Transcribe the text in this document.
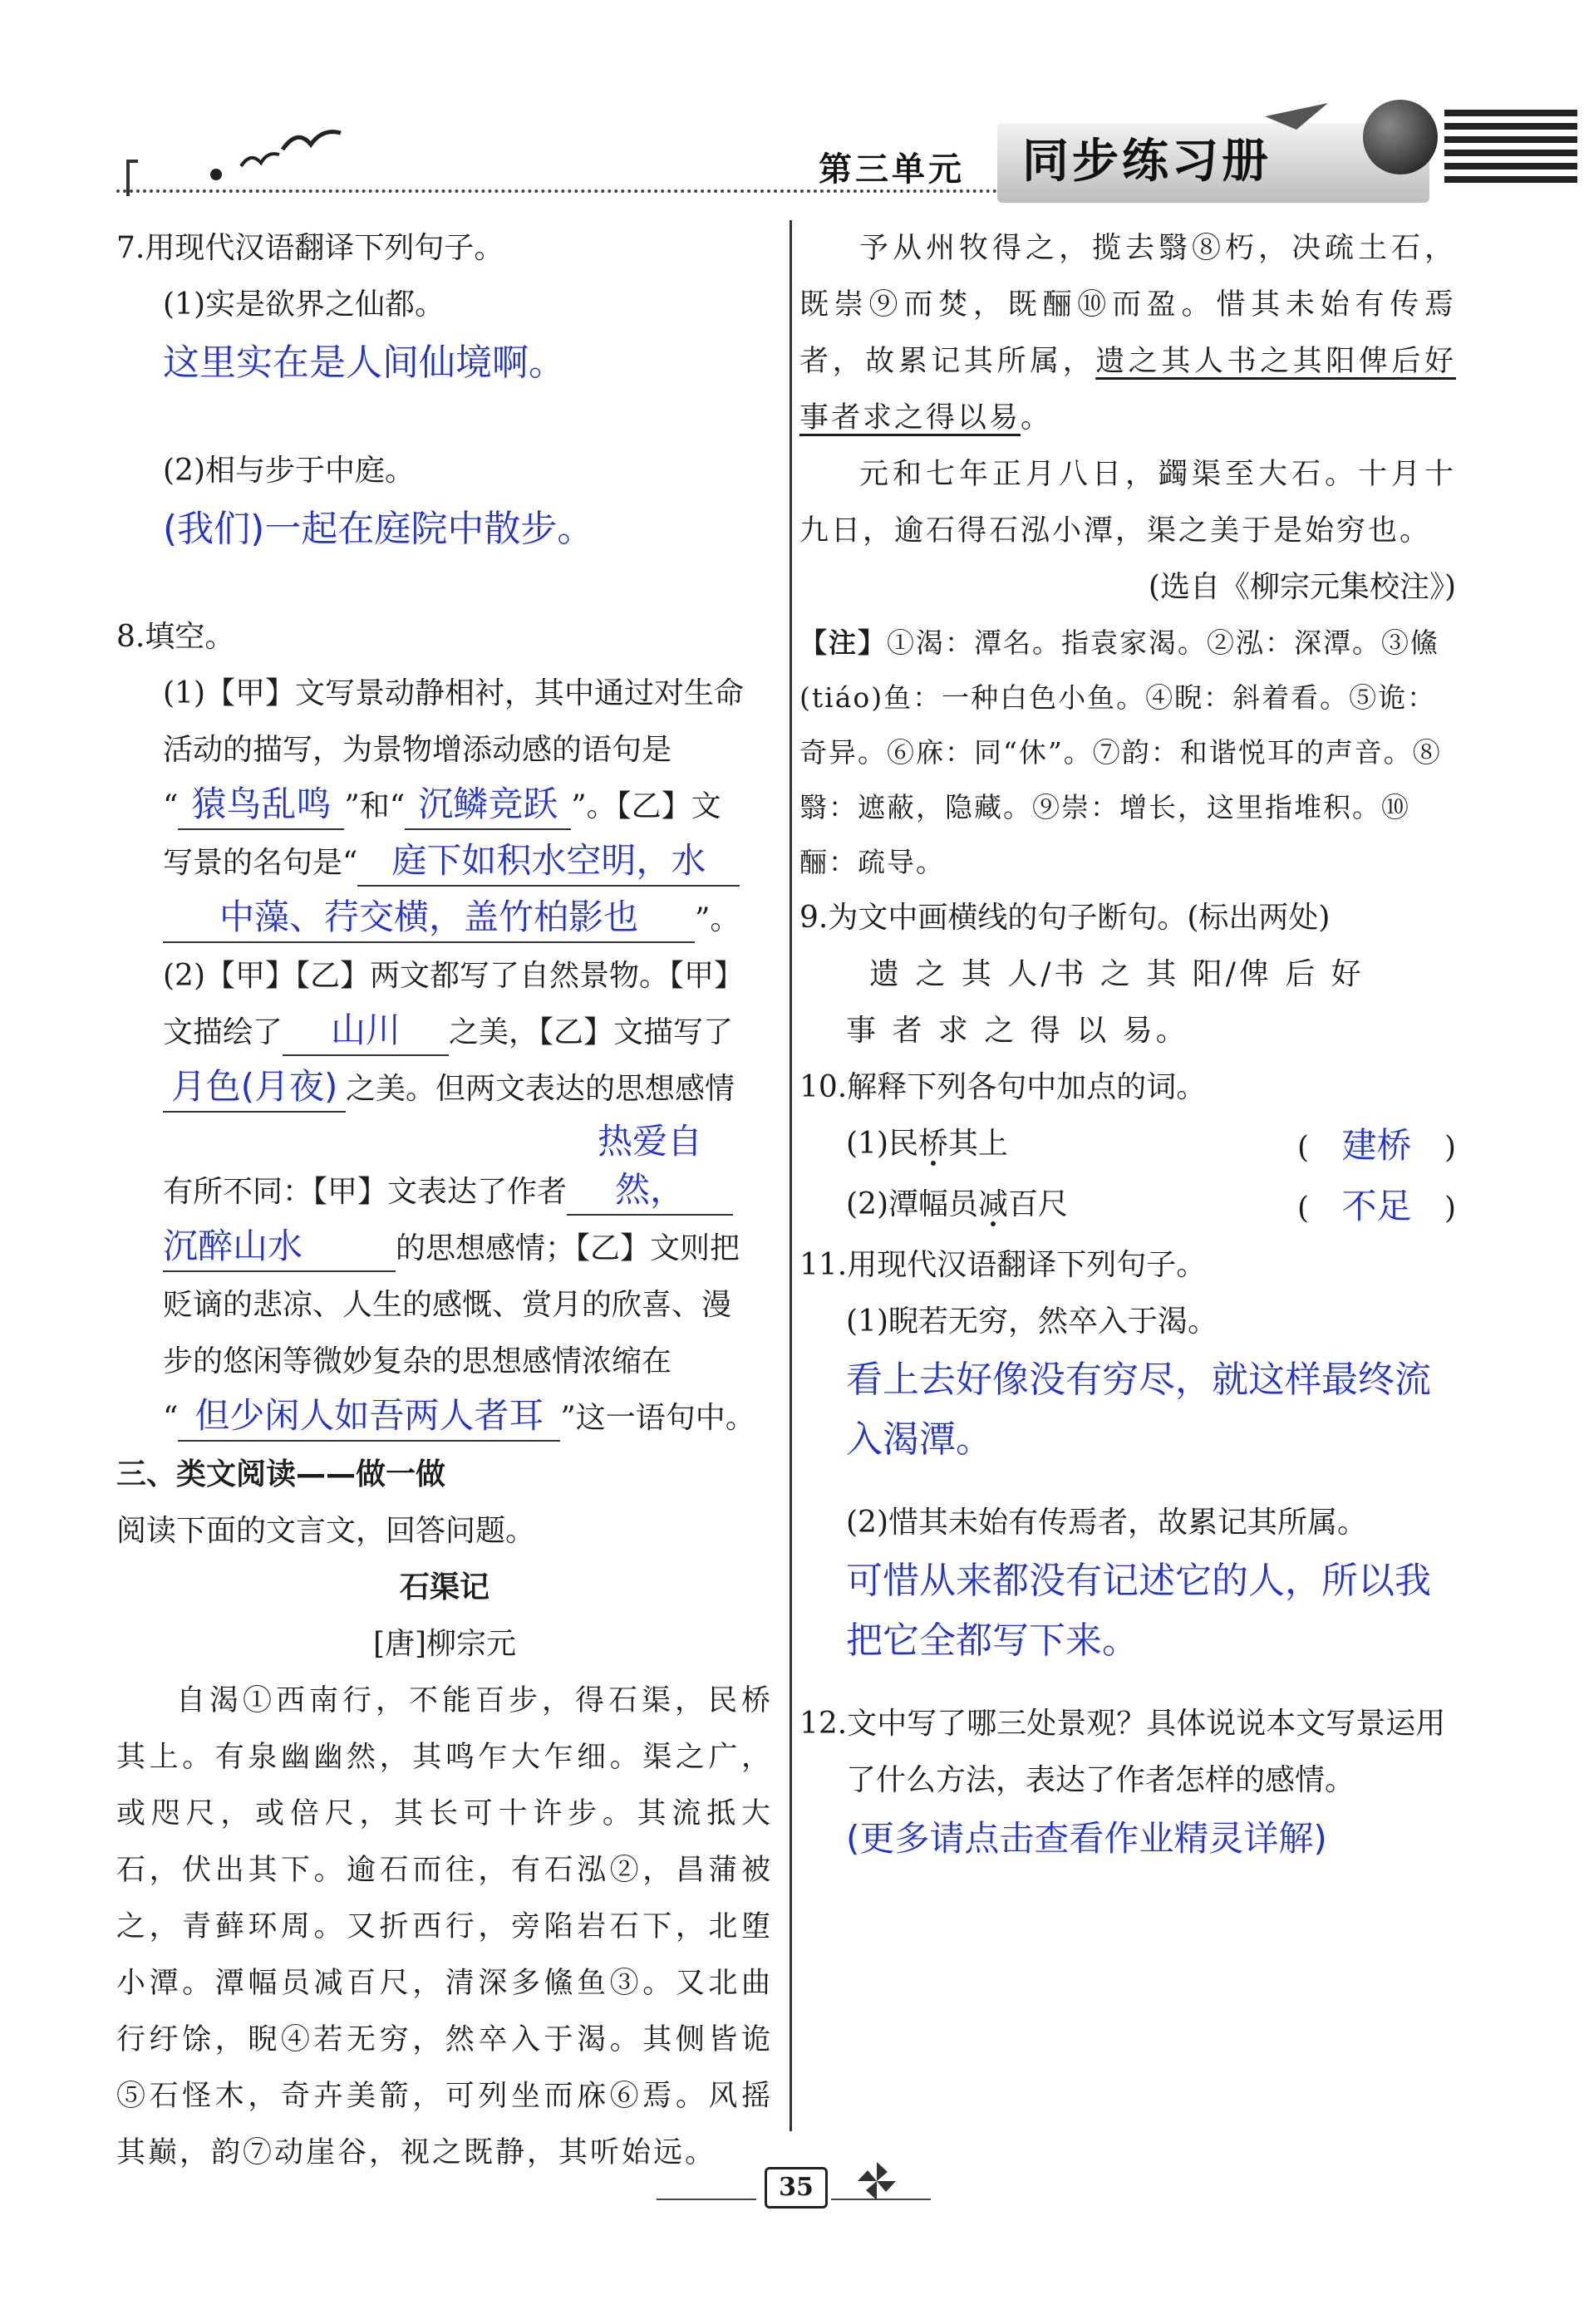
第三单元 同步练习册
7.用现代汉语翻译下列句子。
(1)实是欲界之仙都。
这里实在是人间仙境啊。
(2)相与步于中庭。
(我们)一起在庭院中散步。
8.填空。
(1)【甲】文写景动静相衬，其中通过对生命
活动的描写，为景物增添动感的语句是
“ 猿鸟乱鸣 ”和“ 沉鳞竞跃 ”。【乙】文
写景的名句是“ 庭下如积水空明，水
中藻、荇交横，盖竹柏影也 ”。
(2)【甲】【乙】两文都写了自然景物。【甲】
文描绘了 山川 之美，【乙】文描写了
月色(月夜) 之美。但两文表达的思想感情
有所不同：【甲】文表达了作者热爱自然，
沉醉山水	的思想感情；【乙】文则把
贬谪的悲凉、人生的感慨、赏月的欣喜、漫
步的悠闲等微妙复杂的思想感情浓缩在
“ 但少闲人如吾两人者耳 ”这一语句中。
三、类文阅读——做一做
阅读下面的文言文，回答问题。
石渠记
[唐]柳宗元
自渴①西南行，不能百步，得石渠，民桥其上。有泉幽幽然，其鸣乍大乍细。渠之广，或咫尺，或倍尺，其长可十许步。其流抵大石，伏出其下。逾石而往，有石泓②，昌蒲被之，青藓环周。又折西行，旁陷岩石下，北堕小潭。潭幅员减百尺，清深多鯈鱼③。又北曲行纡馀，睨④若无穷，然卒入于渴。其侧皆诡⑤石怪木，奇卉美箭，可列坐而庥⑥焉。风摇其巅，韵⑦动崖谷，视之既静，其听始远。
予从州牧得之，揽去翳⑧朽，决疏土石，既崇⑨而焚，既酾⑩而盈。惜其未始有传焉者，故累记其所属，遗之其人书之其阳俾后好事者求之得以易。
元和七年正月八日，蠲渠至大石。十月十九日，逾石得石泓小潭，渠之美于是始穷也。
(选自《柳宗元集校注》)
【注】①渴：潭名。指袁家渴。②泓：深潭。③鯈(tiáo)鱼：一种白色小鱼。④睨：斜着看。⑤诡：奇异。⑥庥：同“休”。⑦韵：和谐悦耳的声音。⑧翳：遮蔽，隐藏。⑨崇：增长，这里指堆积。⑩酾：疏导。
9.为文中画横线的句子断句。(标出两处)
遗 之 其 人/书 之 其 阳/俾 后 好
事 者 求 之 得 以 易。
10.解释下列各句中加点的词。
(1)民桥其上	( 建桥 )
(2)潭幅员减百尺	( 不足 )
11.用现代汉语翻译下列句子。
(1)睨若无穷，然卒入于渴。
看上去好像没有穷尽，就这样最终流入渴潭。
(2)惜其未始有传焉者，故累记其所属。
可惜从来都没有记述它的人，所以我把它全都写下来。
12.文中写了哪三处景观？具体说说本文写景运用了什么方法，表达了作者怎样的感情。
(更多请点击查看作业精灵详解)
35
